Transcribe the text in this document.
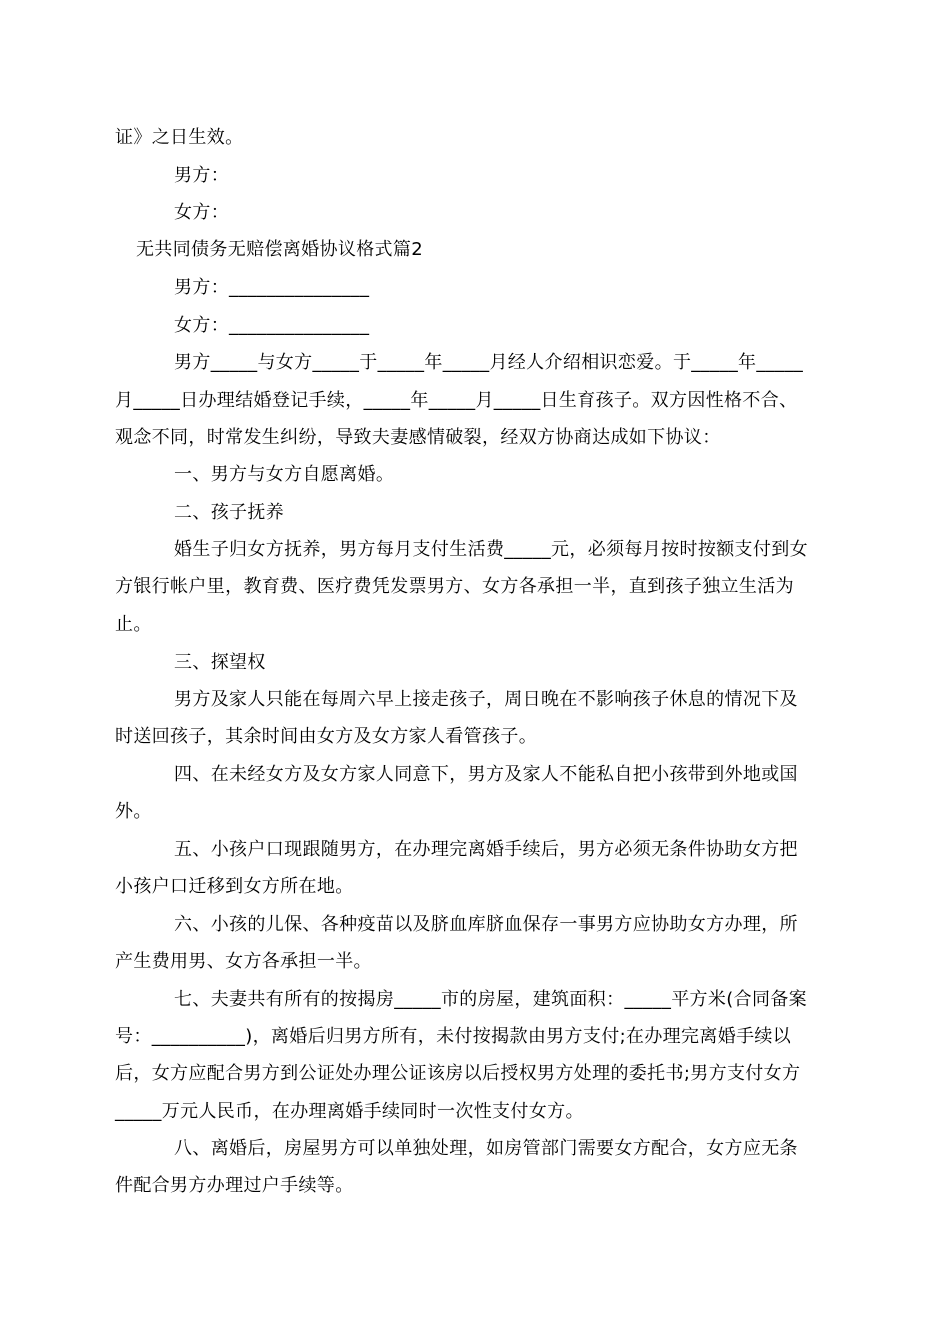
证》之日生效。
男方：
女方：
无共同债务无赔偿离婚协议格式篇2
男方：_______________
女方：_______________
男方_____与女方_____于_____年_____月经人介绍相识恋爱。于_____年_____
月_____日办理结婚登记手续，_____年_____月_____日生育孩子。双方因性格不合、
观念不同，时常发生纠纷，导致夫妻感情破裂，经双方协商达成如下协议：
一、男方与女方自愿离婚。
二、孩子抚养
婚生子归女方抚养，男方每月支付生活费_____元，必须每月按时按额支付到女
方银行帐户里，教育费、医疗费凭发票男方、女方各承担一半，直到孩子独立生活为
止。
三、探望权
男方及家人只能在每周六早上接走孩子，周日晚在不影响孩子休息的情况下及
时送回孩子，其余时间由女方及女方家人看管孩子。
四、在未经女方及女方家人同意下，男方及家人不能私自把小孩带到外地或国
外。
五、小孩户口现跟随男方，在办理完离婚手续后，男方必须无条件协助女方把
小孩户口迁移到女方所在地。
六、小孩的儿保、各种疫苗以及脐血库脐血保存一事男方应协助女方办理，所
产生费用男、女方各承担一半。
七、夫妻共有所有的按揭房_____市的房屋，建筑面积：_____平方米(合同备案
号：__________)，离婚后归男方所有，未付按揭款由男方支付;在办理完离婚手续以
后，女方应配合男方到公证处办理公证该房以后授权男方处理的委托书;男方支付女方
_____万元人民币，在办理离婚手续同时一次性支付女方。
八、离婚后，房屋男方可以单独处理，如房管部门需要女方配合，女方应无条
件配合男方办理过户手续等。
